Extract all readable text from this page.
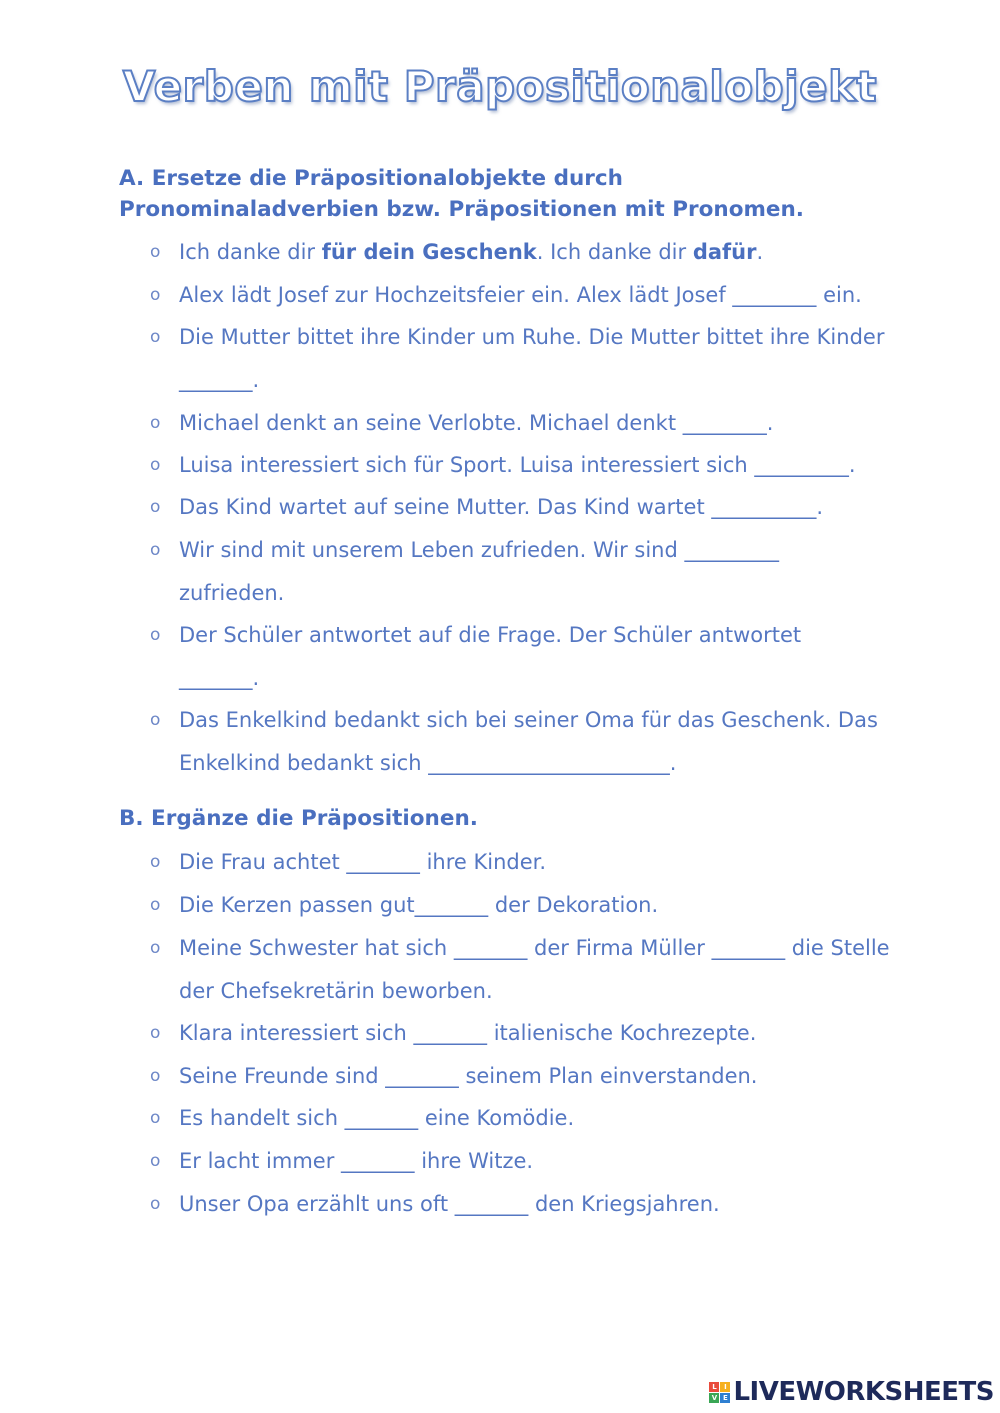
Verben mit Präpositionalobjekt
A. Ersetze die Präpositionalobjekte durch Pronominaladverbien bzw. Präpositionen mit Pronomen.
o Ich danke dir für dein Geschenk. Ich danke dir dafür.
o Alex lädt Josef zur Hochzeitsfeier ein. Alex lädt Josef ________ ein.
o Die Mutter bittet ihre Kinder um Ruhe. Die Mutter bittet ihre Kinder _______.
o Michael denkt an seine Verlobte. Michael denkt ________.
o Luisa interessiert sich für Sport. Luisa interessiert sich _________.
o Das Kind wartet auf seine Mutter. Das Kind wartet __________.
o Wir sind mit unserem Leben zufrieden. Wir sind _________ zufrieden.
o Der Schüler antwortet auf die Frage. Der Schüler antwortet _______.
o Das Enkelkind bedankt sich bei seiner Oma für das Geschenk. Das Enkelkind bedankt sich _______________________.
B. Ergänze die Präpositionen.
o Die Frau achtet _______ ihre Kinder.
o Die Kerzen passen gut_______ der Dekoration.
o Meine Schwester hat sich _______ der Firma Müller _______ die Stelle der Chefsekretärin beworben.
o Klara interessiert sich _______ italienische Kochrezepte.
o Seine Freunde sind _______ seinem Plan einverstanden.
o Es handelt sich _______ eine Komödie.
o Er lacht immer _______ ihre Witze.
o Unser Opa erzählt uns oft _______ den Kriegsjahren.
L	I
V E LIVEWORKSHEETS
